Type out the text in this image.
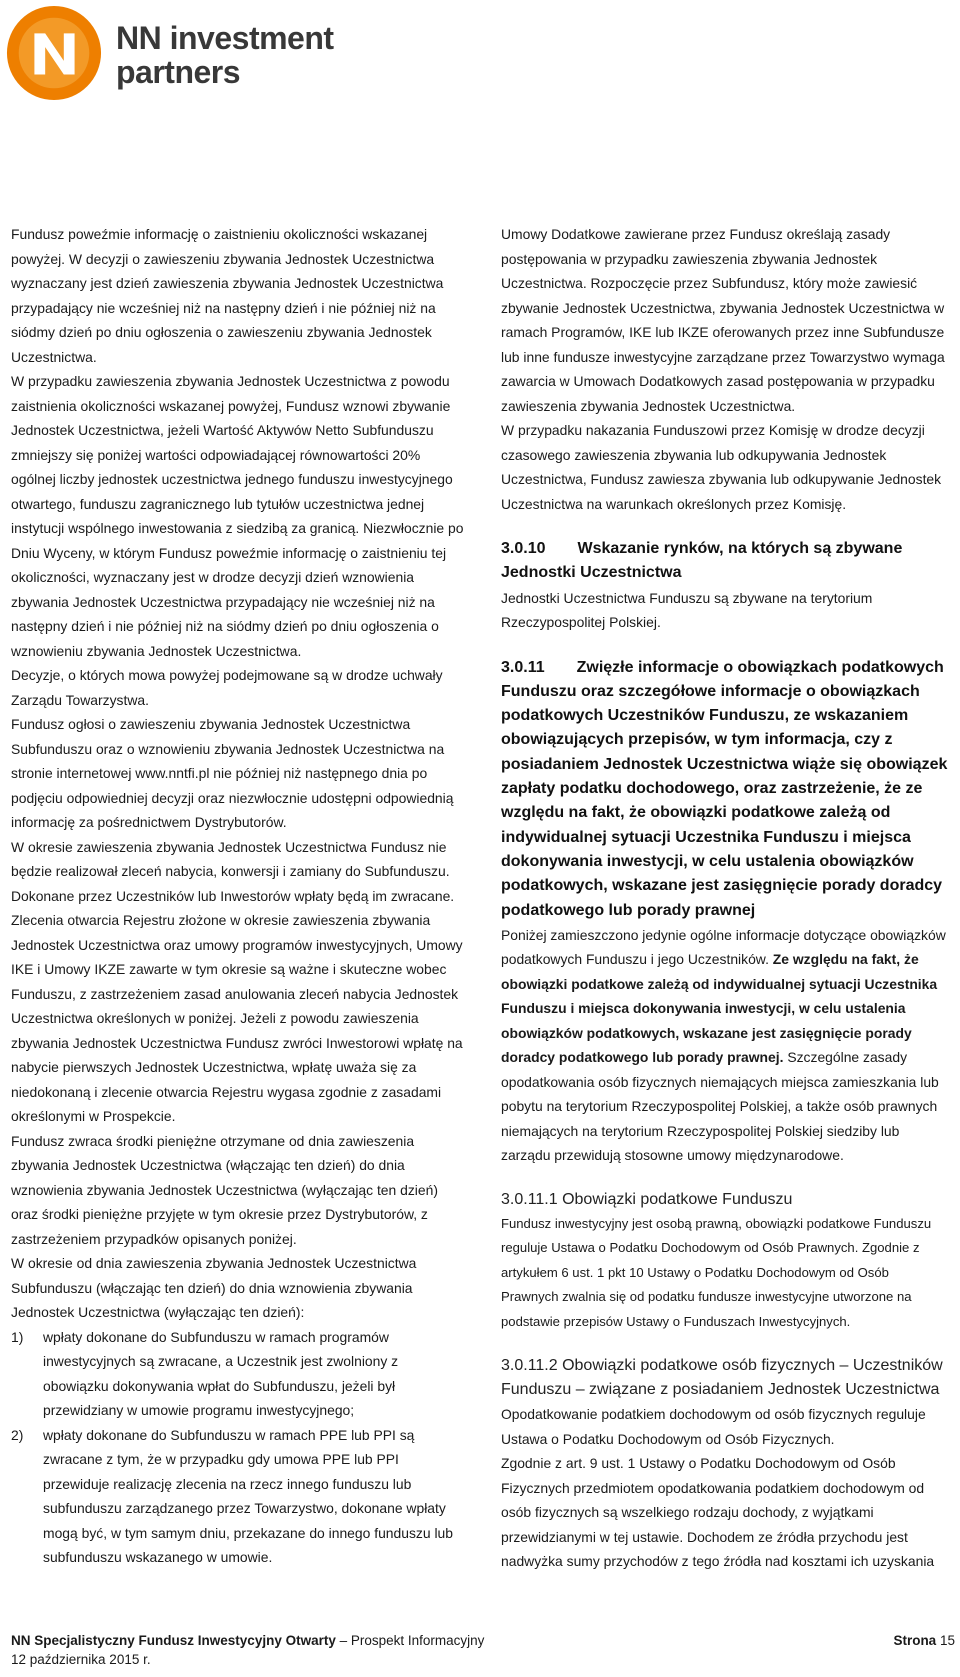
NN investment
partners

Fundusz poweźmie informację o zaistnieniu okoliczności wskazanej powyżej. W decyzji o zawieszeniu zbywania Jednostek Uczestnictwa wyznaczany jest dzień zawieszenia zbywania Jednostek Uczestnictwa przypadający nie wcześniej niż na następny dzień i nie później niż na siódmy dzień po dniu ogłoszenia o zawieszeniu zbywania Jednostek Uczestnictwa.

W przypadku zawieszenia zbywania Jednostek Uczestnictwa z powodu zaistnienia okoliczności wskazanej powyżej, Fundusz wznowi zbywanie Jednostek Uczestnictwa, jeżeli Wartość Aktywów Netto Subfunduszu zmniejszy się poniżej wartości odpowiadającej równowartości 20% ogólnej liczby jednostek uczestnictwa jednego funduszu inwestycyjnego otwartego, funduszu zagranicznego lub tytułów uczestnictwa jednej instytucji wspólnego inwestowania z siedzibą za granicą. Niezwłocznie po Dniu Wyceny, w którym Fundusz poweźmie informację o zaistnieniu tej okoliczności, wyznaczany jest w drodze decyzji dzień wznowienia zbywania Jednostek Uczestnictwa przypadający nie wcześniej niż na następny dzień i nie później niż na siódmy dzień po dniu ogłoszenia o wznowieniu zbywania Jednostek Uczestnictwa.

Decyzje, o których mowa powyżej podejmowane są w drodze uchwały Zarządu Towarzystwa.

Fundusz ogłosi o zawieszeniu zbywania Jednostek Uczestnictwa Subfunduszu oraz o wznowieniu zbywania Jednostek Uczestnictwa na stronie internetowej www.nntfi.pl nie później niż następnego dnia po podjęciu odpowiedniej decyzji oraz niezwłocznie udostępni odpowiednią informację za pośrednictwem Dystrybutorów.

W okresie zawieszenia zbywania Jednostek Uczestnictwa Fundusz nie będzie realizował zleceń nabycia, konwersji i zamiany do Subfunduszu. Dokonane przez Uczestników lub Inwestorów wpłaty będą im zwracane.

Zlecenia otwarcia Rejestru złożone w okresie zawieszenia zbywania Jednostek Uczestnictwa oraz umowy programów inwestycyjnych, Umowy IKE i Umowy IKZE zawarte w tym okresie są ważne i skuteczne wobec Funduszu, z zastrzeżeniem zasad anulowania zleceń nabycia Jednostek Uczestnictwa określonych w poniżej. Jeżeli z powodu zawieszenia zbywania Jednostek Uczestnictwa Fundusz zwróci Inwestorowi wpłatę na nabycie pierwszych Jednostek Uczestnictwa, wpłatę uważa się za niedokonaną i zlecenie otwarcia Rejestru wygasa zgodnie z zasadami określonymi w Prospekcie.

Fundusz zwraca środki pieniężne otrzymane od dnia zawieszenia zbywania Jednostek Uczestnictwa (włączając ten dzień) do dnia wznowienia zbywania Jednostek Uczestnictwa (wyłączając ten dzień) oraz środki pieniężne przyjęte w tym okresie przez Dystrybutorów, z zastrzeżeniem przypadków opisanych poniżej.

W okresie od dnia zawieszenia zbywania Jednostek Uczestnictwa Subfunduszu (włączając ten dzień) do dnia wznowienia zbywania Jednostek Uczestnictwa (wyłączając ten dzień):

1) wpłaty dokonane do Subfunduszu w ramach programów inwestycyjnych są zwracane, a Uczestnik jest zwolniony z obowiązku dokonywania wpłat do Subfunduszu, jeżeli był przewidziany w umowie programu inwestycyjnego;
2) wpłaty dokonane do Subfunduszu w ramach PPE lub PPI są zwracane z tym, że w przypadku gdy umowa PPE lub PPI przewiduje realizację zlecenia na rzecz innego funduszu lub subfunduszu zarządzanego przez Towarzystwo, dokonane wpłaty mogą być, w tym samym dniu, przekazane do innego funduszu lub subfunduszu wskazanego w umowie.

Umowy Dodatkowe zawierane przez Fundusz określają zasady postępowania w przypadku zawieszenia zbywania Jednostek Uczestnictwa. Rozpoczęcie przez Subfundusz, który może zawiesić zbywanie Jednostek Uczestnictwa, zbywania Jednostek Uczestnictwa w ramach Programów, IKE lub IKZE oferowanych przez inne Subfundusze lub inne fundusze inwestycyjne zarządzane przez Towarzystwo wymaga zawarcia w Umowach Dodatkowych zasad postępowania w przypadku zawieszenia zbywania Jednostek Uczestnictwa.

W przypadku nakazania Funduszowi przez Komisję w drodze decyzji czasowego zawieszenia zbywania lub odkupywania Jednostek Uczestnictwa, Fundusz zawiesza zbywania lub odkupywanie Jednostek Uczestnictwa na warunkach określonych przez Komisję.

3.0.10  Wskazanie rynków, na których są zbywane Jednostki Uczestnictwa

Jednostki Uczestnictwa Funduszu są zbywane na terytorium Rzeczypospolitej Polskiej.

3.0.11  Zwięzłe informacje o obowiązkach podatkowych Funduszu oraz szczegółowe informacje o obowiązkach podatkowych Uczestników Funduszu, ze wskazaniem obowiązujących przepisów, w tym informacja, czy z posiadaniem Jednostek Uczestnictwa wiąże się obowiązek zapłaty podatku dochodowego, oraz zastrzeżenie, że ze względu na fakt, że obowiązki podatkowe zależą od indywidualnej sytuacji Uczestnika Funduszu i miejsca dokonywania inwestycji, w celu ustalenia obowiązków podatkowych, wskazane jest zasięgnięcie porady doradcy podatkowego lub porady prawnej

Poniżej zamieszczono jedynie ogólne informacje dotyczące obowiązków podatkowych Funduszu i jego Uczestników. Ze względu na fakt, że obowiązki podatkowe zależą od indywidualnej sytuacji Uczestnika Funduszu i miejsca dokonywania inwestycji, w celu ustalenia obowiązków podatkowych, wskazane jest zasięgnięcie porady doradcy podatkowego lub porady prawnej. Szczególne zasady opodatkowania osób fizycznych niemających miejsca zamieszkania lub pobytu na terytorium Rzeczypospolitej Polskiej, a także osób prawnych niemających na terytorium Rzeczypospolitej Polskiej siedziby lub zarządu przewidują stosowne umowy międzynarodowe.

3.0.11.1 Obowiązki podatkowe Funduszu

Fundusz inwestycyjny jest osobą prawną, obowiązki podatkowe Funduszu reguluje Ustawa o Podatku Dochodowym od Osób Prawnych. Zgodnie z artykułem 6 ust. 1 pkt 10 Ustawy o Podatku Dochodowym od Osób Prawnych zwalnia się od podatku fundusze inwestycyjne utworzone na podstawie przepisów Ustawy o Funduszach Inwestycyjnych.

3.0.11.2 Obowiązki podatkowe osób fizycznych – Uczestników Funduszu – związane z posiadaniem Jednostek Uczestnictwa

Opodatkowanie podatkiem dochodowym od osób fizycznych reguluje Ustawa o Podatku Dochodowym od Osób Fizycznych.

Zgodnie z art. 9 ust. 1 Ustawy o Podatku Dochodowym od Osób Fizycznych przedmiotem opodatkowania podatkiem dochodowym od osób fizycznych są wszelkiego rodzaju dochody, z wyjątkami przewidzianymi w tej ustawie. Dochodem ze źródła przychodu jest nadwyżka sumy przychodów z tego źródła nad kosztami ich uzyskania

NN Specjalistyczny Fundusz Inwestycyjny Otwarty – Prospekt Informacyjny
12 października 2015 r.
Strona 15
